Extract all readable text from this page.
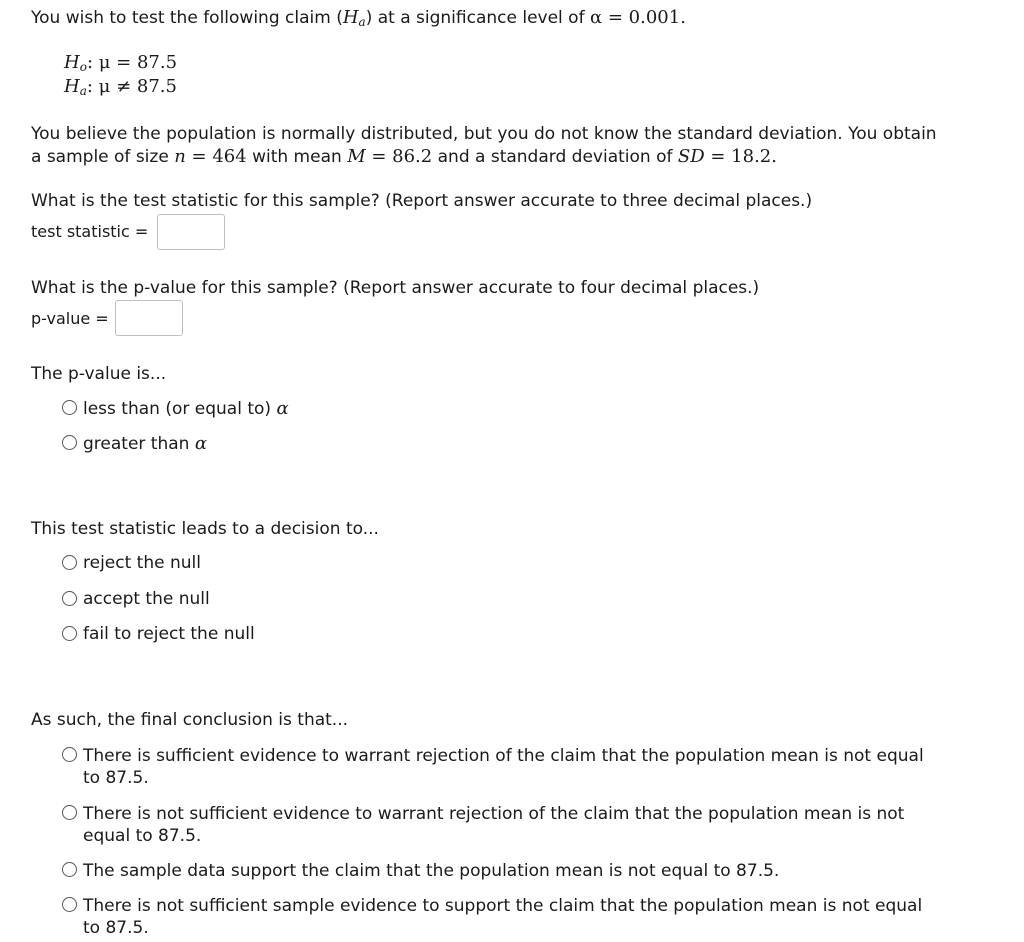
You wish to test the following claim $(H_a)$ at a significance level of α = 0.001.
$H_o$: μ = 87.5
$H_a$: μ ≠ 87.5
You believe the population is normally distributed, but you do not know the standard deviation. You obtain
a sample of size n = 464 with mean M = 86.2 and a standard deviation of SD = 18.2.
What is the test statistic for this sample? (Report answer accurate to three decimal places.)
test statistic =
What is the p-value for this sample? (Report answer accurate to four decimal places.)
p-value =
The p-value is...
less than (or equal to) α
greater than α
This test statistic leads to a decision to...
reject the null
accept the null
fail to reject the null
As such, the final conclusion is that...
There is sufficient evidence to warrant rejection of the claim that the population mean is not equal to 87.5.
There is not sufficient evidence to warrant rejection of the claim that the population mean is not equal to 87.5.
The sample data support the claim that the population mean is not equal to 87.5.
There is not sufficient sample evidence to support the claim that the population mean is not equal to 87.5.
